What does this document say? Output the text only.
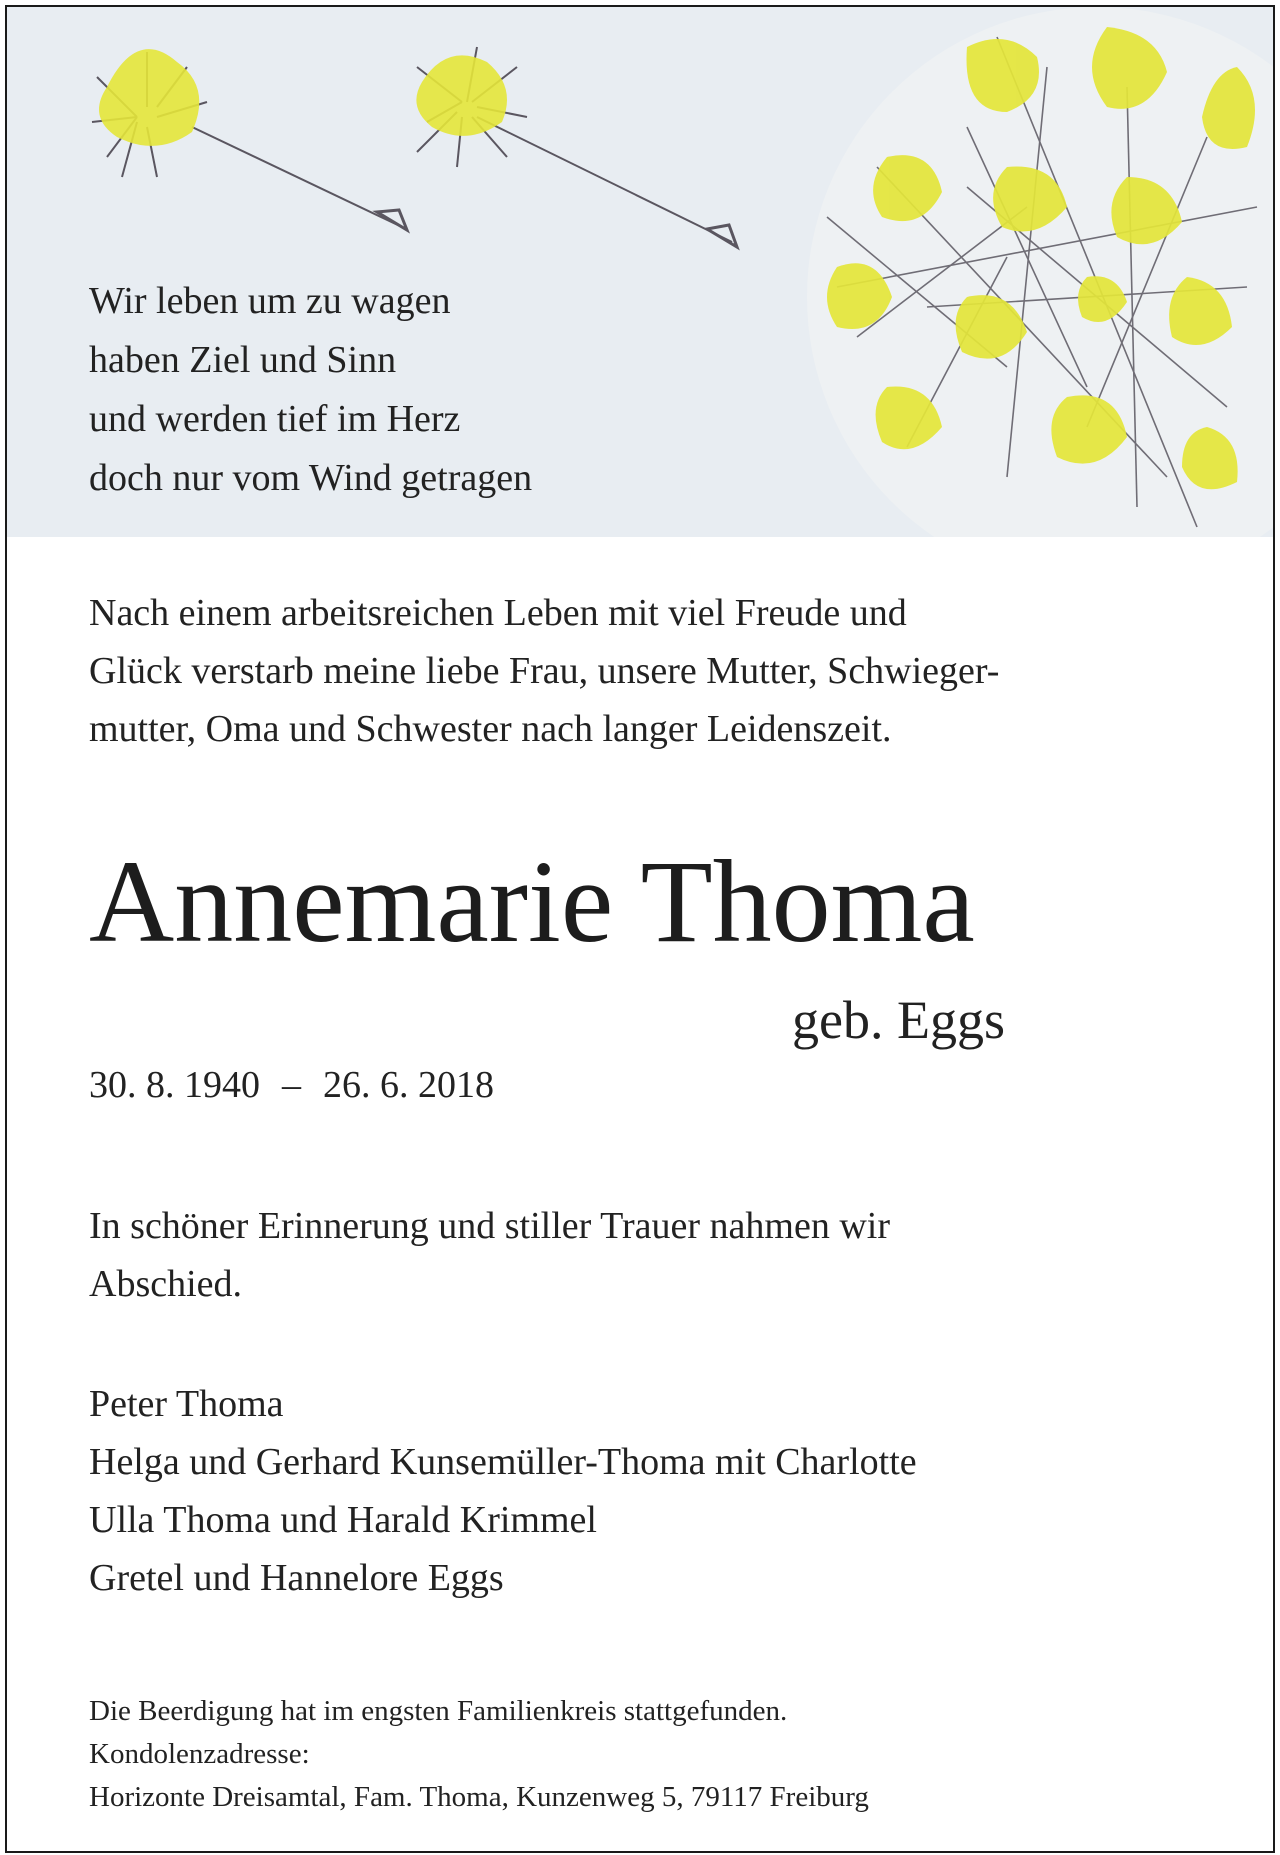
Wir leben um zu wagen
haben Ziel und Sinn
und werden tief im Herz
doch nur vom Wind getragen
Nach einem arbeitsreichen Leben mit viel Freude und
Glück verstarb meine liebe Frau, unsere Mutter, Schwieger-
mutter, Oma und Schwester nach langer Leidenszeit.
Annemarie Thoma
geb. Eggs
30. 8. 1940 – 26. 6. 2018
In schöner Erinnerung und stiller Trauer nahmen wir
Abschied.
Peter Thoma
Helga und Gerhard Kunsemüller-Thoma mit Charlotte
Ulla Thoma und Harald Krimmel
Gretel und Hannelore Eggs
Die Beerdigung hat im engsten Familienkreis stattgefunden.
Kondolenzadresse:
Horizonte Dreisamtal, Fam. Thoma, Kunzenweg 5, 79117 Freiburg
